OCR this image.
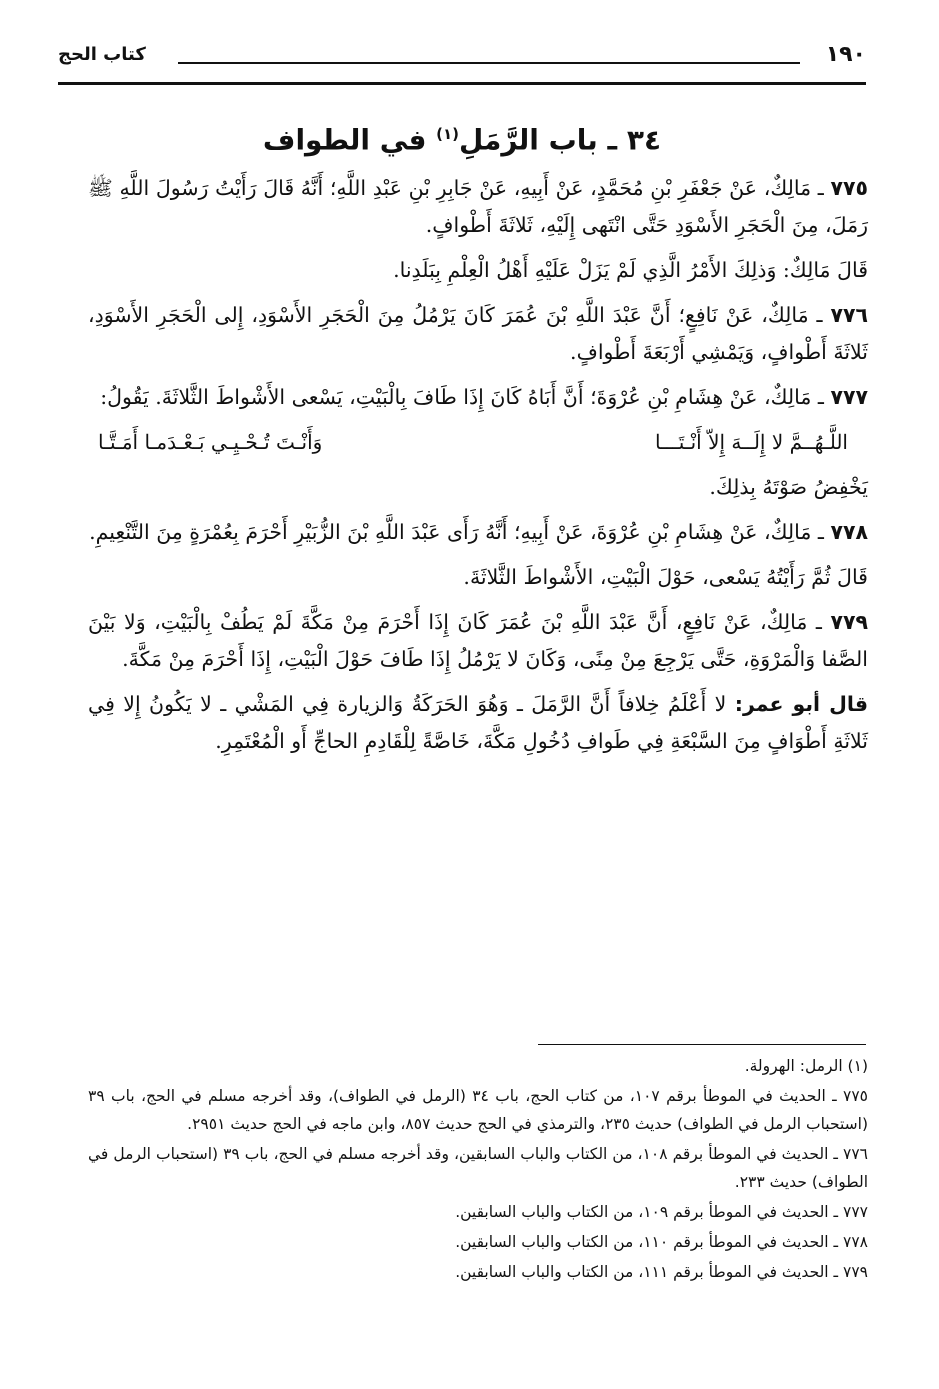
١٩٠
كتاب الحج
٣٤ ـ باب الرَّمَلِ$^{(١)}$ في الطواف

٧٧٥ ـ مَالِكٌ، عَنْ جَعْفَرِ بْنِ مُحَمَّدٍ، عَنْ أَبِيهِ، عَنْ جَابِرِ بْنِ عَبْدِ اللَّهِ؛ أَنَّهُ قَالَ رَأَيْتُ رَسُولَ اللَّهِ ﷺ رَمَلَ، مِنَ الْحَجَرِ الأَسْوَدِ حَتَّى انْتَهى إِلَيْهِ، ثَلاثَةَ أَطْوافٍ.

قَالَ مَالِكٌ: وَذلِكَ الأَمْرُ الَّذِي لَمْ يَزَلْ عَلَيْهِ أَهْلُ الْعِلْمِ بِبَلَدِنا.

٧٧٦ ـ مَالِكٌ، عَنْ نَافِعٍ؛ أَنَّ عَبْدَ اللَّهِ بْنَ عُمَرَ كَانَ يَرْمُلُ مِنَ الْحَجَرِ الأَسْوَدِ، إِلى الْحَجَرِ الأَسْوَدِ، ثَلاثَةَ أَطْوافٍ، وَيَمْشِي أَرْبَعَةَ أَطْوافٍ.

٧٧٧ ـ مَالِكٌ، عَنْ هِشَامِ بْنِ عُرْوَةَ؛ أَنَّ أَبَاهُ كَانَ إِذَا طَافَ بِالْبَيْتِ، يَسْعى الأَشْواطَ الثَّلاثَةَ. يَقُولُ:

اللَّـهُــمَّ لا إِلَــهَ إِلاّ أَنْـتَـــا
وَأَنْـتَ تُـحْـيِـي بَـعْـدَمـا أَمَـتَّـا

يَخْفِضُ صَوْتَهُ بِذلِكَ.

٧٧٨ ـ مَالِكٌ، عَنْ هِشَامِ بْنِ عُرْوَةَ، عَنْ أَبِيهِ؛ أَنَّهُ رَأَى عَبْدَ اللَّهِ بْنَ الزُّبَيْرِ أَحْرَمَ بِعُمْرَةٍ مِنَ التَّنْعِيمِ.

قَالَ ثُمَّ رَأَيْتُهُ يَسْعى، حَوْلَ الْبَيْتِ، الأَشْواطَ الثَّلاثَةَ.

٧٧٩ ـ مَالِكٌ، عَنْ نَافِعٍ، أَنَّ عَبْدَ اللَّهِ بْنَ عُمَرَ كَانَ إِذَا أَحْرَمَ مِنْ مَكَّةَ لَمْ يَطُفْ بِالْبَيْتِ، وَلا بَيْنَ الصَّفا وَالْمَرْوَةِ، حَتَّى يَرْجِعَ مِنْ مِنًى، وَكَانَ لا يَرْمُلُ إِذَا طَافَ حَوْلَ الْبَيْتِ، إِذَا أَحْرَمَ مِنْ مَكَّةَ.

قال أبو عمر: لا أَعْلَمُ خِلافاً أَنَّ الرَّمَلَ ـ وَهُوَ الحَرَكَةُ وَالزيارة فِي المَشْي ـ لا يَكُونُ إِلا فِي ثَلاثَةِ أَطْوَافٍ مِنَ السَّبْعَةِ فِي طَوافِ دُخُولِ مَكَّةَ، خَاصَّةً لِلْقَادِمِ الحاجِّ أَو الْمُعْتَمِرِ.

(١) الرمل: الهرولة.

٧٧٥ ـ الحديث في الموطأ برقم ١٠٧، من كتاب الحج، باب ٣٤ (الرمل في الطواف)، وقد أخرجه مسلم في الحج، باب ٣٩ (استحباب الرمل في الطواف) حديث ٢٣٥، والترمذي في الحج حديث ٨٥٧، وابن ماجه في الحج حديث ٢٩٥١.

٧٧٦ ـ الحديث في الموطأ برقم ١٠٨، من الكتاب والباب السابقين، وقد أخرجه مسلم في الحج، باب ٣٩ (استحباب الرمل في الطواف) حديث ٢٣٣.

٧٧٧ ـ الحديث في الموطأ برقم ١٠٩، من الكتاب والباب السابقين.

٧٧٨ ـ الحديث في الموطأ برقم ١١٠، من الكتاب والباب السابقين.

٧٧٩ ـ الحديث في الموطأ برقم ١١١، من الكتاب والباب السابقين.
